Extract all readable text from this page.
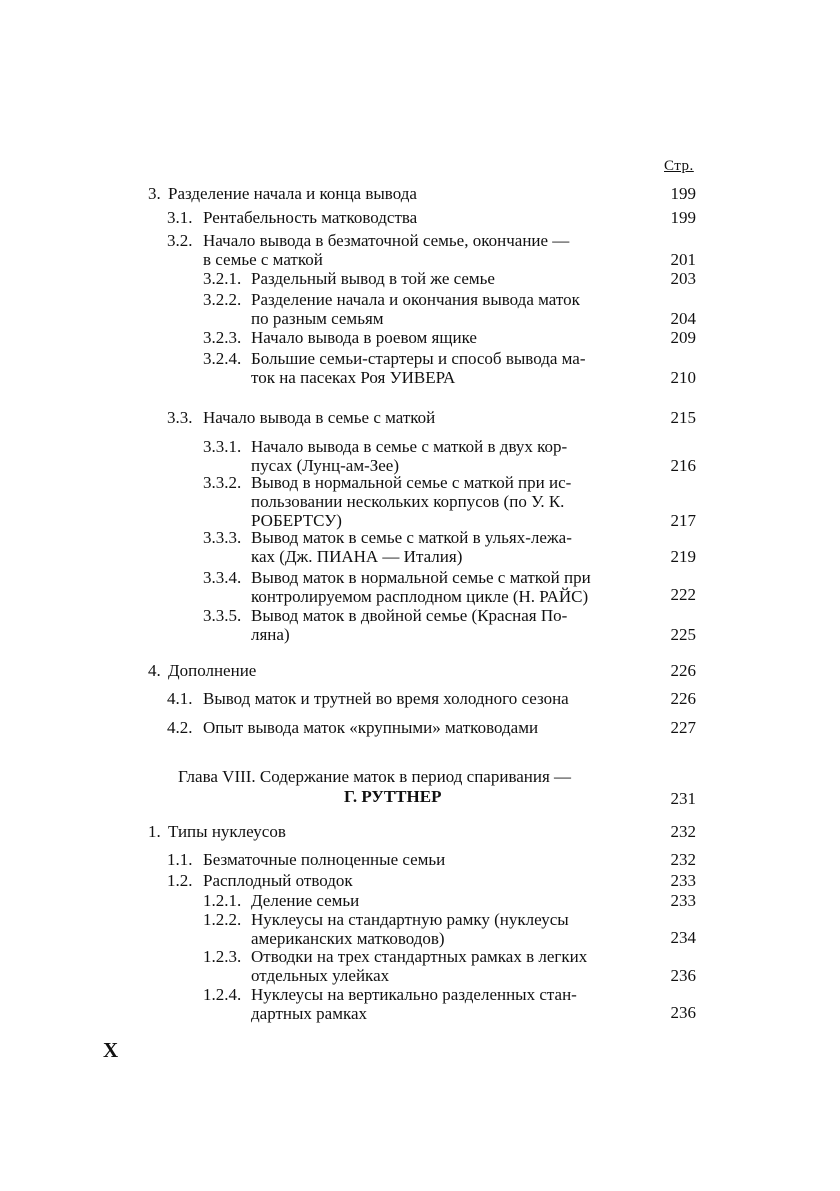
Стр.
3. Разделение начала и конца вывода	199
3.1. Рентабельность матководства	199
3.2. Начало вывода в безматочной семье, окончание —
в семье с маткой	201
3.2.1. Раздельный вывод в той же семье	203
3.2.2. Разделение начала и окончания вывода маток
по разным семьям	204
3.2.3. Начало вывода в роевом ящике	209
3.2.4. Большие семьи-стартеры и способ вывода ма-
ток на пасеках Роя УИВЕРА	210
3.3. Начало вывода в семье с маткой	215
3.3.1. Начало вывода в семье с маткой в двух кор-
пусах (Лунц-ам-Зее)	216
3.3.2. Вывод в нормальной семье с маткой при ис-
пользовании нескольких корпусов (по У. К.
РОБЕРТСУ)	217
3.3.3. Вывод маток в семье с маткой в ульях-лежа-
ках (Дж. ПИАНА — Италия)	219
3.3.4. Вывод маток в нормальной семье с маткой при
контролируемом расплодном цикле (Н. РАЙС)	222
3.3.5. Вывод маток в двойной семье (Красная По-
ляна)	225
4. Дополнение	226
4.1. Вывод маток и трутней во время холодного сезона	226
4.2. Опыт вывода маток «крупными» матководами	227
Глава VIII. Содержание маток в период спаривания —
Г. РУТТНЕР	231
1. Типы нуклеусов	232
1.1. Безматочные полноценные семьи	232
1.2. Расплодный отводок	233
1.2.1. Деление семьи	233
1.2.2. Нуклеусы на стандартную рамку (нуклеусы
американских матководов)	234
1.2.3. Отводки на трех стандартных рамках в легких
отдельных улейках	236
1.2.4. Нуклеусы на вертикально разделенных стан-
дартных рамках	236
X
